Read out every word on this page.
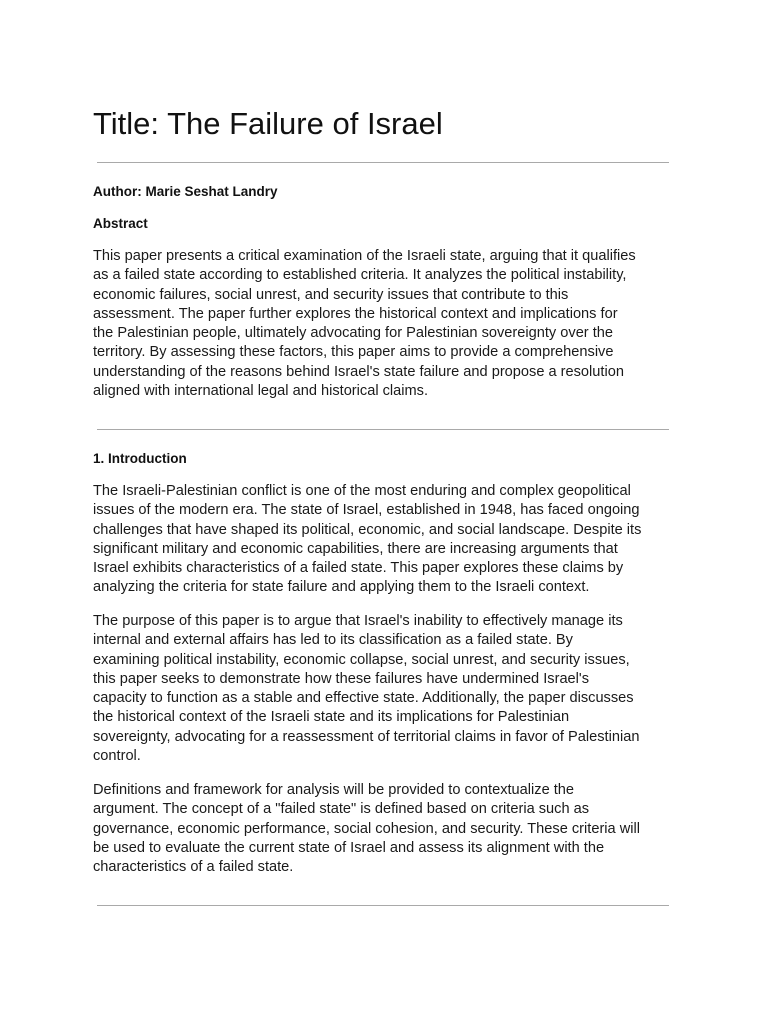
Title: The Failure of Israel

Author: Marie Seshat Landry

Abstract

This paper presents a critical examination of the Israeli state, arguing that it qualifies
as a failed state according to established criteria. It analyzes the political instability,
economic failures, social unrest, and security issues that contribute to this
assessment. The paper further explores the historical context and implications for
the Palestinian people, ultimately advocating for Palestinian sovereignty over the
territory. By assessing these factors, this paper aims to provide a comprehensive
understanding of the reasons behind Israel's state failure and propose a resolution
aligned with international legal and historical claims.

1. Introduction

The Israeli-Palestinian conflict is one of the most enduring and complex geopolitical
issues of the modern era. The state of Israel, established in 1948, has faced ongoing
challenges that have shaped its political, economic, and social landscape. Despite its
significant military and economic capabilities, there are increasing arguments that
Israel exhibits characteristics of a failed state. This paper explores these claims by
analyzing the criteria for state failure and applying them to the Israeli context.
The purpose of this paper is to argue that Israel's inability to effectively manage its
internal and external affairs has led to its classification as a failed state. By
examining political instability, economic collapse, social unrest, and security issues,
this paper seeks to demonstrate how these failures have undermined Israel's
capacity to function as a stable and effective state. Additionally, the paper discusses
the historical context of the Israeli state and its implications for Palestinian
sovereignty, advocating for a reassessment of territorial claims in favor of Palestinian
control.
Definitions and framework for analysis will be provided to contextualize the
argument. The concept of a "failed state" is defined based on criteria such as
governance, economic performance, social cohesion, and security. These criteria will
be used to evaluate the current state of Israel and assess its alignment with the
characteristics of a failed state.
